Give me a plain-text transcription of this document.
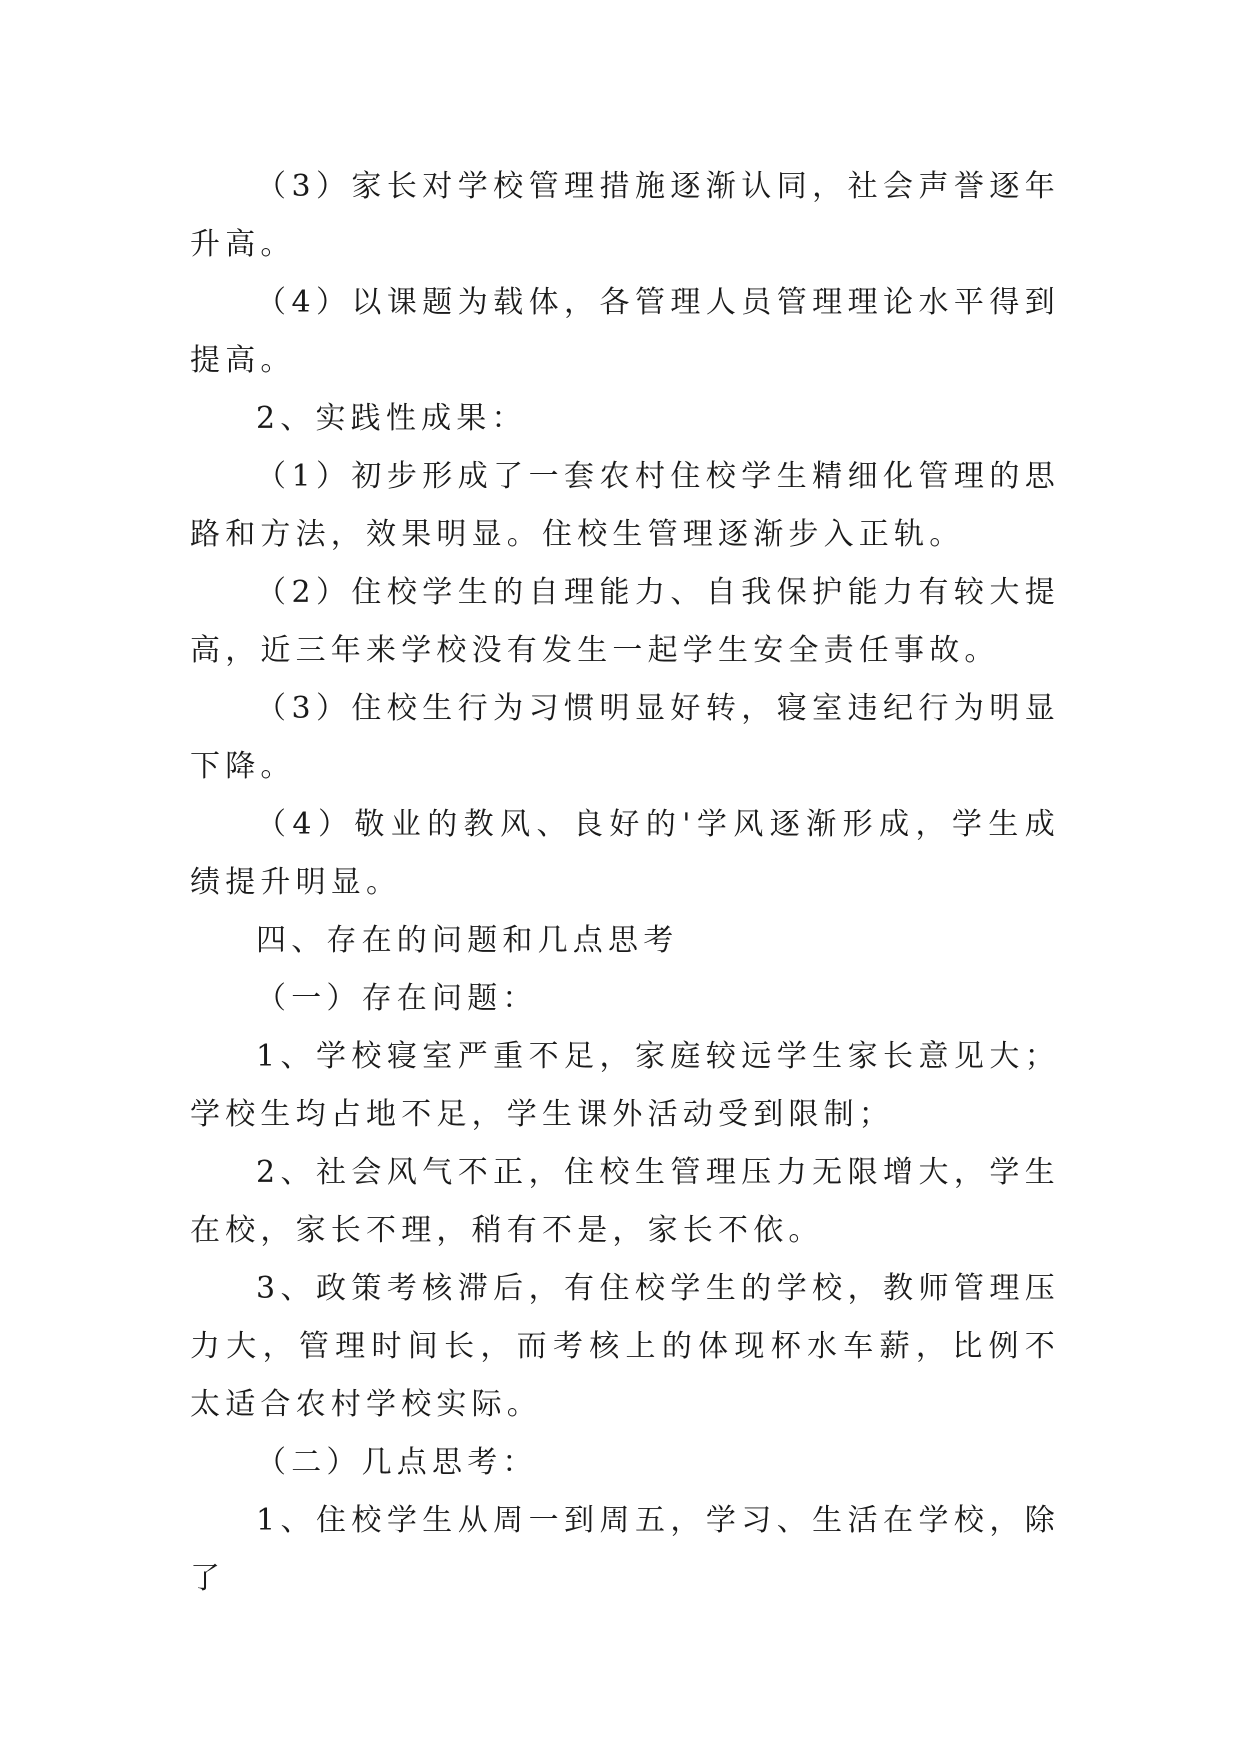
（3）家长对学校管理措施逐渐认同，社会声誉逐年升高。

（4）以课题为载体，各管理人员管理理论水平得到提高。

2、实践性成果：

（1）初步形成了一套农村住校学生精细化管理的思路和方法，效果明显。住校生管理逐渐步入正轨。

（2）住校学生的自理能力、自我保护能力有较大提高，近三年来学校没有发生一起学生安全责任事故。

（3）住校生行为习惯明显好转，寝室违纪行为明显下降。

（4）敬业的教风、良好的'学风逐渐形成，学生成绩提升明显。

四、存在的问题和几点思考

（一）存在问题：

1、学校寝室严重不足，家庭较远学生家长意见大；学校生均占地不足，学生课外活动受到限制；

2、社会风气不正，住校生管理压力无限增大，学生在校，家长不理，稍有不是，家长不依。

3、政策考核滞后，有住校学生的学校，教师管理压力大，管理时间长，而考核上的体现杯水车薪，比例不太适合农村学校实际。

（二）几点思考：

1、住校学生从周一到周五，学习、生活在学校，除了
